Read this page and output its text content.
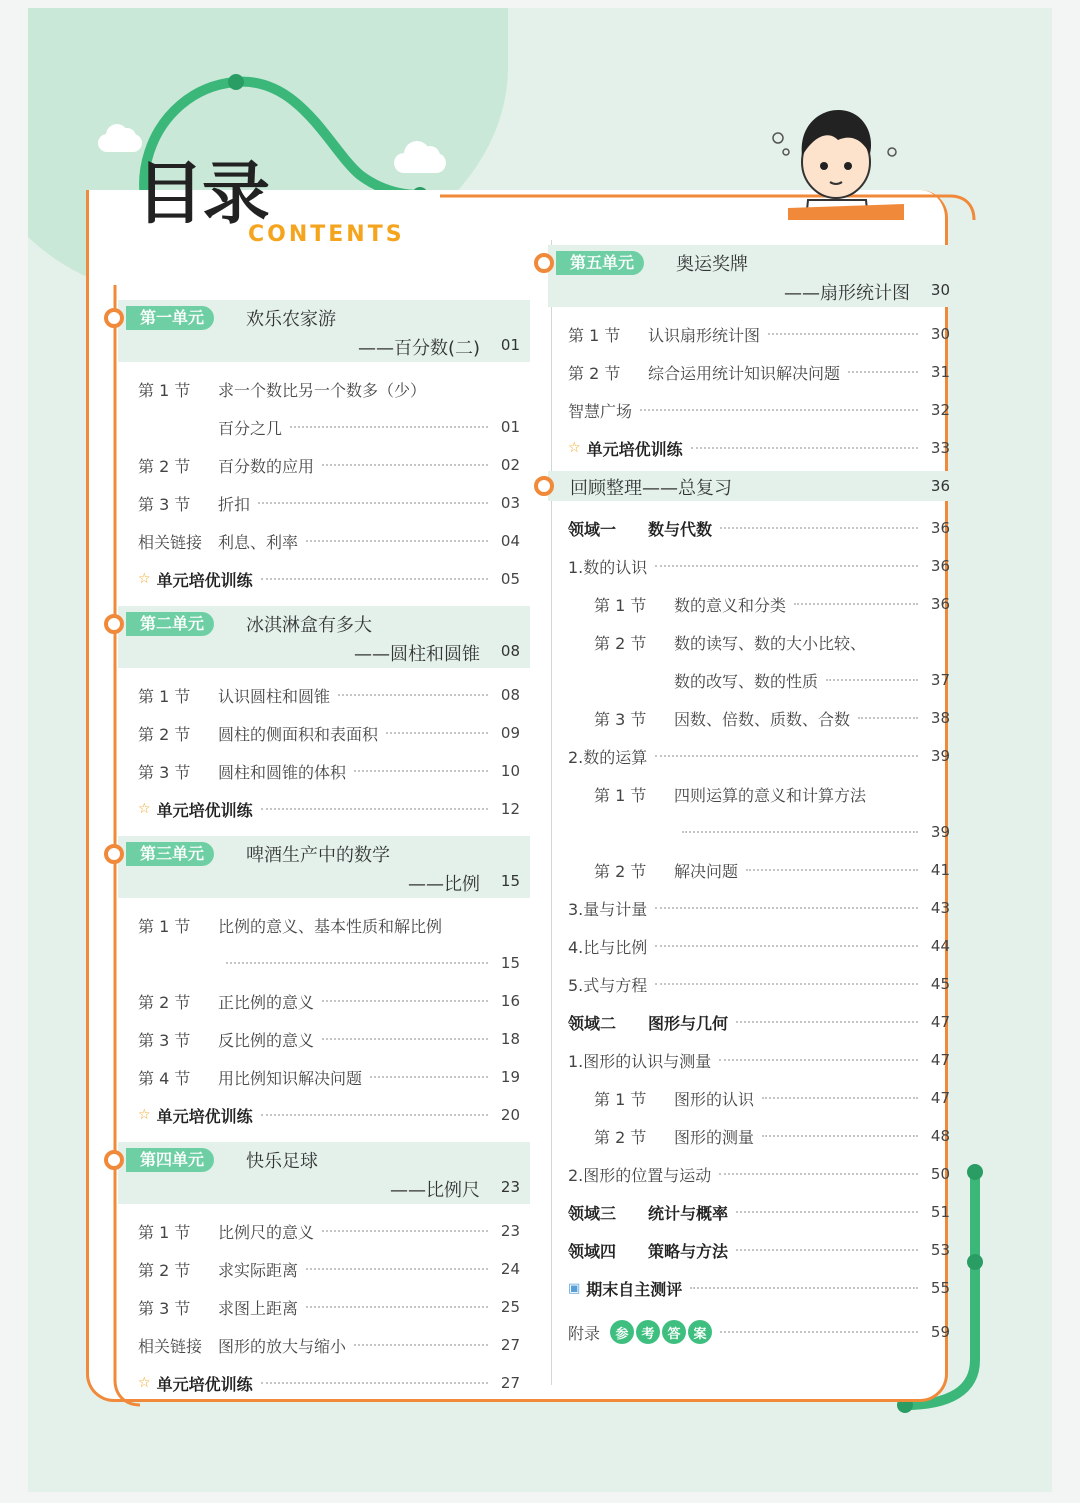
目录
CONTENTS
第一单元	欢乐农家游
——百分数(二) 01
第 1 节	求一个数比另一个数多（少）
百分之几	01
第 2 节	百分数的应用	02
第 3 节	折扣	03
相关链接 利息、利率	04
☆ 单元培优训练	05
第二单元	冰淇淋盒有多大
——圆柱和圆锥 08
第 1 节	认识圆柱和圆锥	08
第 2 节	圆柱的侧面积和表面积	09
第 3 节	圆柱和圆锥的体积	10
☆ 单元培优训练	12
第三单元	啤酒生产中的数学
——比例 15
第 1 节	比例的意义、基本性质和解比例
15
第 2 节	正比例的意义	16
第 3 节	反比例的意义	18
第 4 节	用比例知识解决问题	19
☆ 单元培优训练	20
第四单元	快乐足球
——比例尺 23
第 1 节	比例尺的意义	23
第 2 节	求实际距离	24
第 3 节	求图上距离	25
相关链接 图形的放大与缩小	27
☆ 单元培优训练	27
第五单元	奥运奖牌
——扇形统计图 30
第 1 节	认识扇形统计图	30
第 2 节	综合运用统计知识解决问题	31
智慧广场	32
☆ 单元培优训练	33
回顾整理——总复习	36
领域一	数与代数	36
1.数的认识	36
第 1 节	数的意义和分类	36
第 2 节	数的读写、数的大小比较、
数的改写、数的性质	37
第 3 节	因数、倍数、质数、合数	38
2.数的运算	39
第 1 节	四则运算的意义和计算方法
39
第 2 节	解决问题	41
3.量与计量	43
4.比与比例	44
5.式与方程	45
领域二	图形与几何	47
1.图形的认识与测量	47
第 1 节	图形的认识	47
第 2 节	图形的测量	48
2.图形的位置与运动	50
领域三	统计与概率	51
领域四	策略与方法	53
▣ 期末自主测评	55
附录	参 考 答 案	59
